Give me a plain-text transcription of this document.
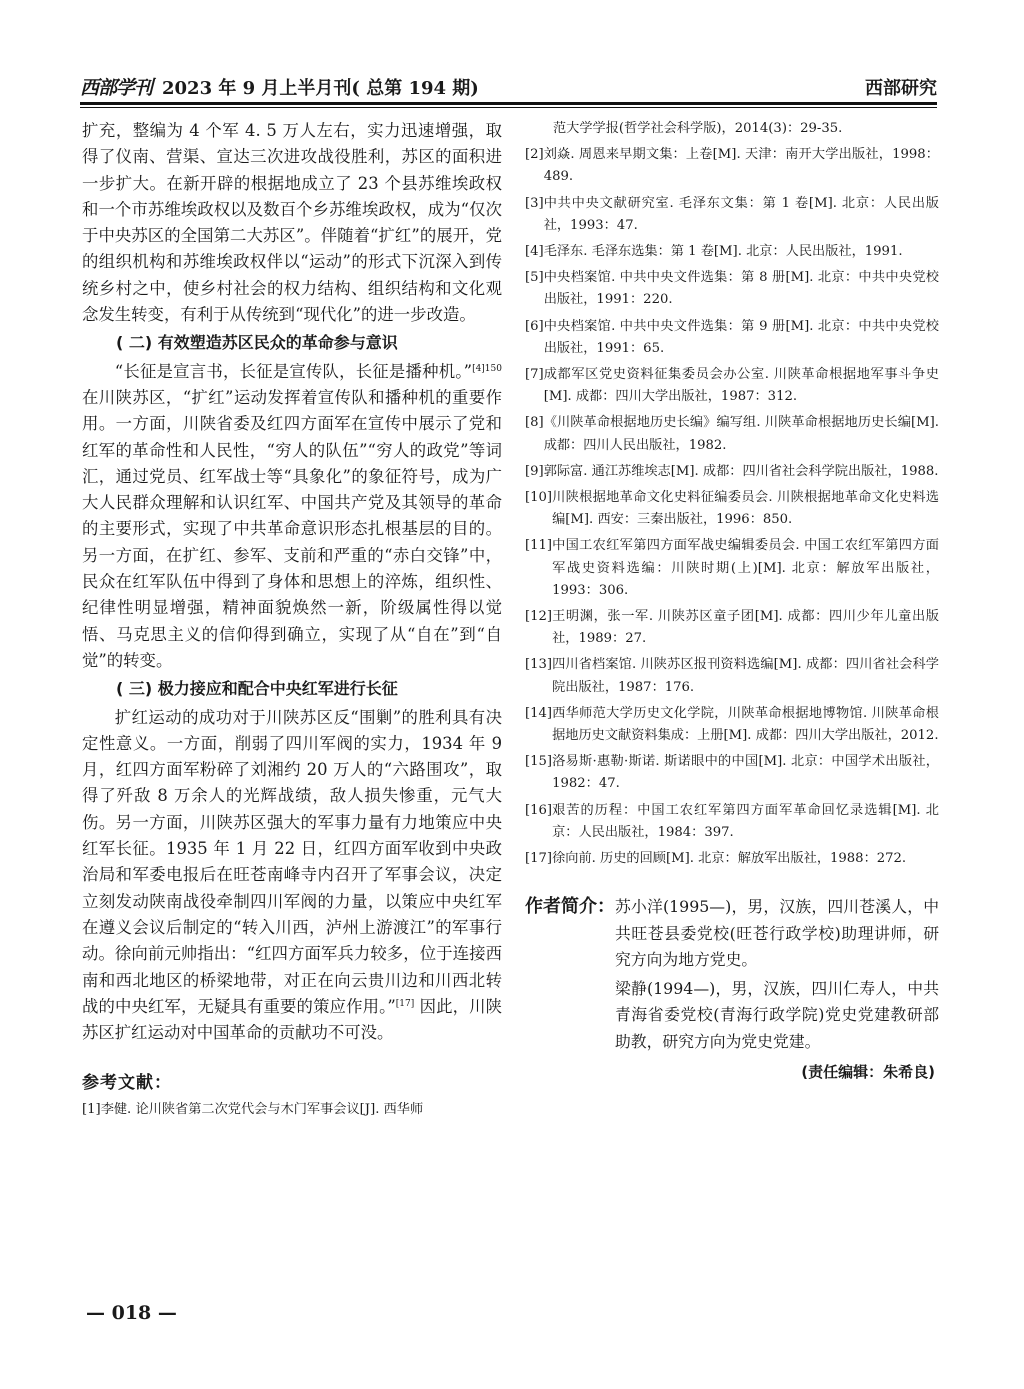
西部学刊 2023 年 9 月上半月刊( 总第 194 期)	西部研究

扩充，整编为 4 个军 4. 5 万人左右，实力迅速增强，取得了仪南、营渠、宣达三次进攻战役胜利，苏区的面积进一步扩大。在新开辟的根据地成立了 23 个县苏维埃政权和一个市苏维埃政权以及数百个乡苏维埃政权，成为“仅次于中央苏区的全国第二大苏区”。伴随着“扩红”的展开，党的组织机构和苏维埃政权伴以“运动”的形式下沉深入到传统乡村之中，使乡村社会的权力结构、组织结构和文化观念发生转变，有利于从传统到“现代化”的进一步改造。

( 二) 有效塑造苏区民众的革命参与意识

“长征是宣言书，长征是宣传队，长征是播种机。”$^{[4]150}$ 在川陕苏区，“扩红”运动发挥着宣传队和播种机的重要作用。一方面，川陕省委及红四方面军在宣传中展示了党和红军的革命性和人民性，“穷人的队伍”“穷人的政党”等词汇，通过党员、红军战士等“具象化”的象征符号，成为广大人民群众理解和认识红军、中国共产党及其领导的革命的主要形式，实现了中共革命意识形态扎根基层的目的。另一方面，在扩红、参军、支前和严重的“赤白交锋”中，民众在红军队伍中得到了身体和思想上的淬炼，组织性、纪律性明显增强，精神面貌焕然一新，阶级属性得以觉悟、马克思主义的信仰得到确立，实现了从“自在”到“自觉”的转变。

( 三) 极力接应和配合中央红军进行长征

扩红运动的成功对于川陕苏区反“围剿”的胜利具有决定性意义。一方面，削弱了四川军阀的实力，1934 年 9 月，红四方面军粉碎了刘湘约 20 万人的“六路围攻”，取得了歼敌 8 万余人的光辉战绩，敌人损失惨重，元气大伤。另一方面，川陕苏区强大的军事力量有力地策应中央红军长征。1935 年 1 月 22 日，红四方面军收到中央政治局和军委电报后在旺苍南峰寺内召开了军事会议，决定立刻发动陕南战役牵制四川军阀的力量，以策应中央红军在遵义会议后制定的“转入川西，泸州上游渡江”的军事行动。徐向前元帅指出：“红四方面军兵力较多，位于连接西南和西北地区的桥梁地带，对正在向云贵川边和川西北转战的中央红军，无疑具有重要的策应作用。”[17] 因此，川陕苏区扩红运动对中国革命的贡献功不可没。

参考文献：
[1] 李健. 论川陕省第二次党代会与木门军事会议[J]. 西华师
范大学学报(哲学社会科学版)，2014(3)：29-35.
[2] 刘焱. 周恩来早期文集：上卷[M]. 天津：南开大学出版社，1998：489.
[3] 中共中央文献研究室. 毛泽东文集：第 1 卷[M]. 北京：人民出版社，1993：47.
[4] 毛泽东. 毛泽东选集：第 1 卷[M]. 北京：人民出版社，1991.
[5] 中央档案馆. 中共中央文件选集：第 8 册[M]. 北京：中共中央党校出版社，1991：220.
[6] 中央档案馆. 中共中央文件选集：第 9 册[M]. 北京：中共中央党校出版社，1991：65.
[7] 成都军区党史资料征集委员会办公室. 川陕革命根据地军事斗争史[M]. 成都：四川大学出版社，1987：312.
[8] 《川陕革命根据地历史长编》编写组. 川陕革命根据地历史长编[M]. 成都：四川人民出版社，1982.
[9] 郭际富. 通江苏维埃志[M]. 成都：四川省社会科学院出版社，1988.
[10] 川陕根据地革命文化史料征编委员会. 川陕根据地革命文化史料选编[M]. 西安：三秦出版社，1996：850.
[11] 中国工农红军第四方面军战史编辑委员会. 中国工农红军第四方面军战史资料选编：川陕时期(上)[M]. 北京：解放军出版社，1993：306.
[12] 王明渊，张一军. 川陕苏区童子团[M]. 成都：四川少年儿童出版社，1989：27.
[13] 四川省档案馆. 川陕苏区报刊资料选编[M]. 成都：四川省社会科学院出版社，1987：176.
[14] 西华师范大学历史文化学院，川陕革命根据地博物馆. 川陕革命根据地历史文献资料集成：上册[M]. 成都：四川大学出版社，2012.
[15] 洛易斯·惠勒·斯诺. 斯诺眼中的中国[M]. 北京：中国学术出版社，1982：47.
[16] 艰苦的历程：中国工农红军第四方面军革命回忆录选辑[M]. 北京：人民出版社，1984：397.
[17] 徐向前. 历史的回顾[M]. 北京：解放军出版社，1988：272.
作者简介： 苏小洋(1995—)，男，汉族，四川苍溪人，中共旺苍县委党校(旺苍行政学校)助理讲师，研究方向为地方党史。

梁静(1994—)，男，汉族，四川仁寿人，中共青海省委党校(青海行政学院)党史党建教研部助教，研究方向为党史党建。

(责任编辑：朱希良)
— 018 —
